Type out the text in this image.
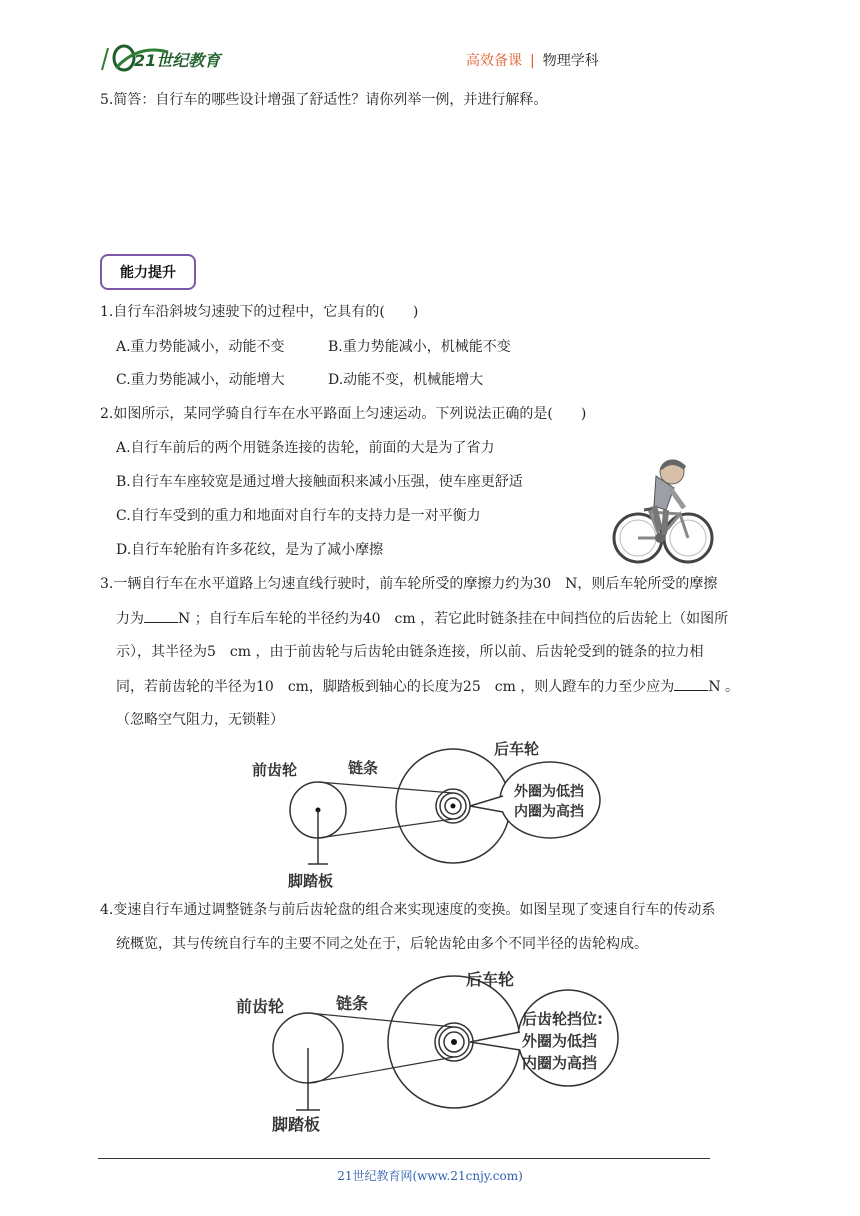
21世纪教育	高效备课 | 物理学科
5.简答：自行车的哪些设计增强了舒适性？请你列举一例，并进行解释。
能力提升
1.自行车沿斜坡匀速驶下的过程中，它具有的(　　)
A.重力势能减小，动能不变	B.重力势能减小，机械能不变
C.重力势能减小，动能增大	D.动能不变，机械能增大
2.如图所示，某同学骑自行车在水平路面上匀速运动。下列说法正确的是(　　)
A.自行车前后的两个用链条连接的齿轮，前面的大是为了省力
B.自行车车座较宽是通过增大接触面积来减小压强，使车座更舒适
C.自行车受到的重力和地面对自行车的支持力是一对平衡力
D.自行车轮胎有许多花纹，是为了减小摩擦
3.一辆自行车在水平道路上匀速直线行驶时，前车轮所受的摩擦力约为30　N，则后车轮所受的摩擦
力为 N ；自行车后车轮的半径约为40　cm ，若它此时链条挂在中间挡位的后齿轮上（如图所
示），其半径为5　cm ，由于前齿轮与后齿轮由链条连接，所以前、后齿轮受到的链条的拉力相
同，若前齿轮的半径为10　cm，脚踏板到轴心的长度为25　cm ，则人蹬车的力至少应为 N 。
（忽略空气阻力，无锁鞋）
前齿轮	链条
后车轮
脚踏板
外圈为低挡
内圈为高挡
4.变速自行车通过调整链条与前后齿轮盘的组合来实现速度的变换。如图呈现了变速自行车的传动系
统概览，其与传统自行车的主要不同之处在于，后轮齿轮由多个不同半径的齿轮构成。
前齿轮	链条
后车轮
脚踏板
后齿轮挡位:
外圈为低挡
内圈为高挡
21世纪教育网(www.21cnjy.com)
